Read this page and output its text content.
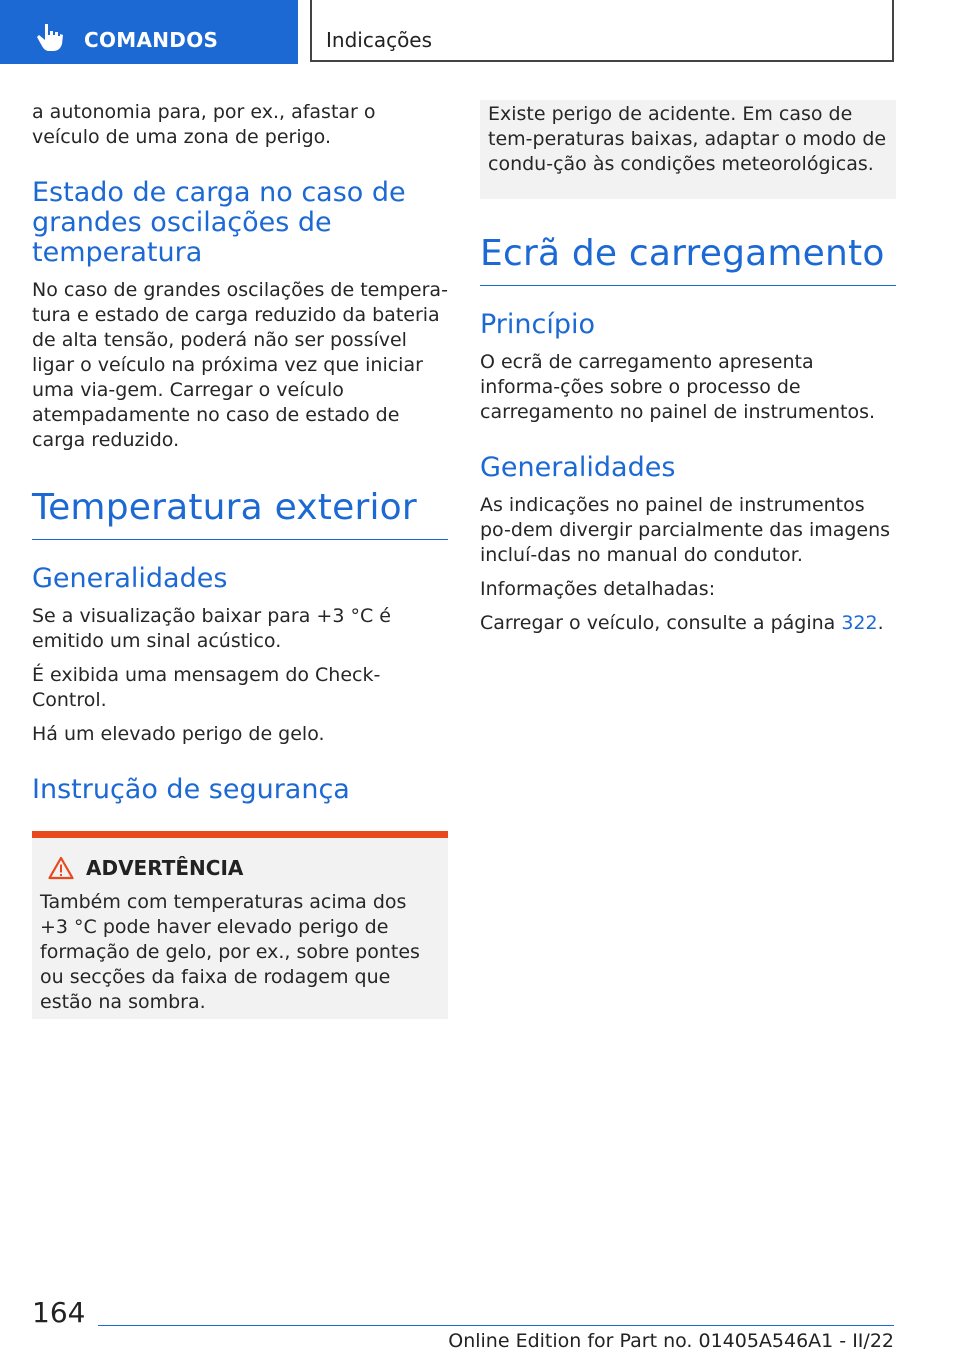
COMANDOS	Indicações

a autonomia para, por ex., afastar o veículo de uma zona de perigo.

Estado de carga no caso de grandes oscilações de temperatura

No caso de grandes oscilações de tempera-tura e estado de carga reduzido da bateria de alta tensão, poderá não ser possível ligar o veículo na próxima vez que iniciar uma via-gem. Carregar o veículo atempadamente no caso de estado de carga reduzido.

Temperatura exterior
Generalidades

Se a visualização baixar para +3 °C é emitido um sinal acústico.

É exibida uma mensagem do Check-Control.

Há um elevado perigo de gelo.

Instrução de segurança
ADVERTÊNCIA

Também com temperaturas acima dos +3 °C pode haver elevado perigo de formação de gelo, por ex., sobre pontes ou secções da faixa de rodagem que estão na sombra.

Existe perigo de acidente. Em caso de tem-peraturas baixas, adaptar o modo de condu-ção às condições meteorológicas.

Ecrã de carregamento
Princípio

O ecrã de carregamento apresenta informa-ções sobre o processo de carregamento no painel de instrumentos.

Generalidades

As indicações no painel de instrumentos po-dem divergir parcialmente das imagens incluí-das no manual do condutor.

Informações detalhadas:

Carregar o veículo, consulte a página 322.

164
Online Edition for Part no. 01405A546A1 - II/22
